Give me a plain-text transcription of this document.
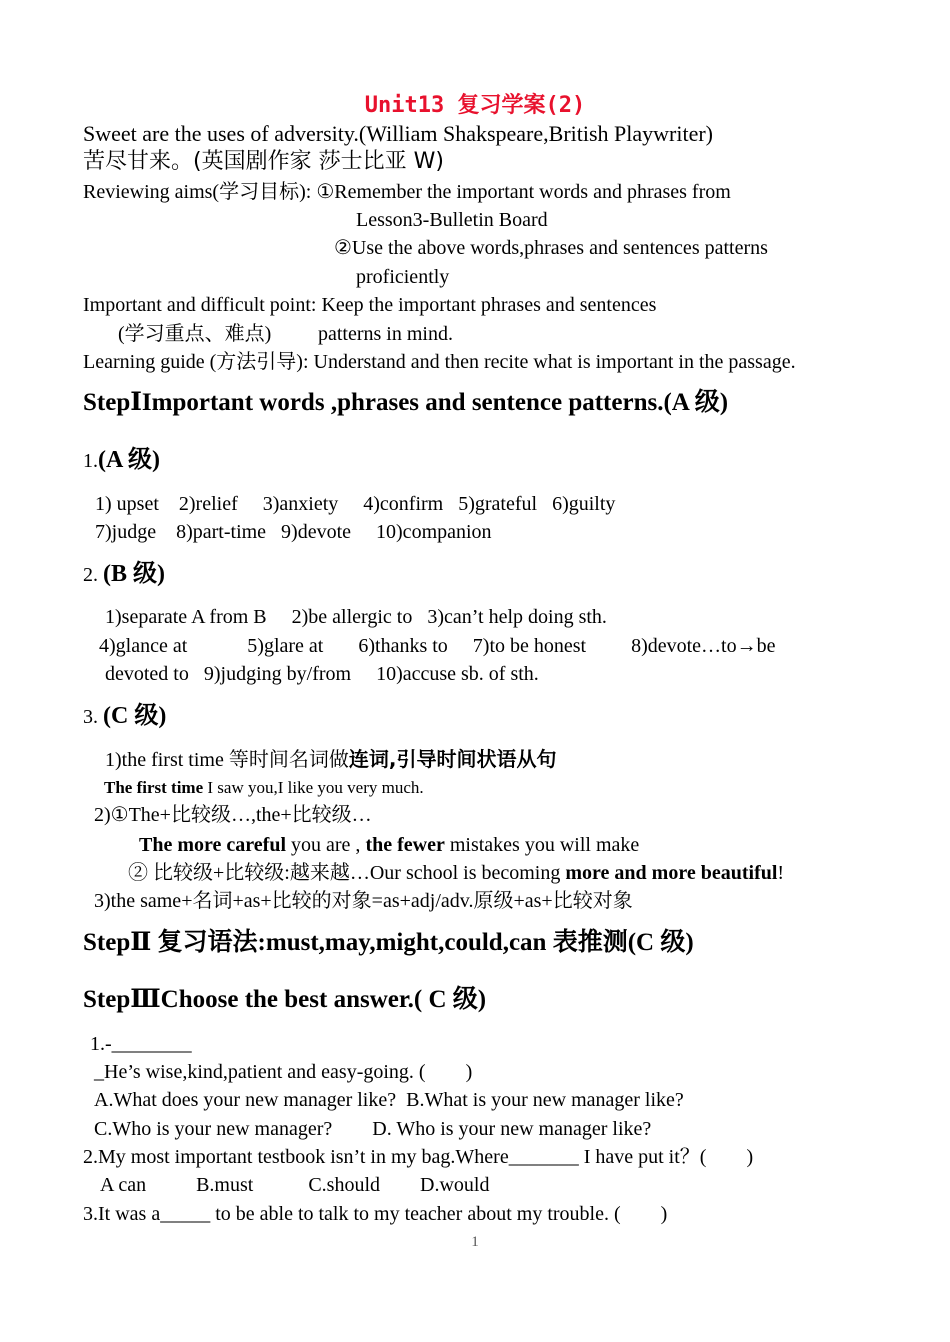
Unit13 复习学案(2)
Sweet are the uses of adversity.(William Shakspeare,British Playwriter)
苦尽甘来。(英国剧作家 莎士比亚 W)
Reviewing aims(学习目标): ①Remember the important words and phrases from
Lesson3-Bulletin Board
②Use the above words,phrases and sentences patterns
proficiently
Important and difficult point: Keep the important phrases and sentences
(学习重点、难点) patterns in mind.
Learning guide (方法引导): Understand and then recite what is important in the passage.
StepⅠImportant words ,phrases and sentence patterns.(A 级)
1.(A 级)
1) upset    2)relief     3)anxiety     4)confirm   5)grateful   6)guilty
7)judge    8)part-time   9)devote     10)companion
2. (B 级)
1)separate A from B     2)be allergic to   3)can’t help doing sth.
4)glance at            5)glare at       6)thanks to     7)to be honest         8)devote…to→be
devoted to   9)judging by/from     10)accuse sb. of sth.
3. (C 级)
1)the first time 等时间名词做连词,引导时间状语从句
The first time I saw you,I like you very much.
2)①The+比较级…,the+比较级…
The more careful you are , the fewer mistakes you will make
② 比较级+比较级:越来越…Our school is becoming more and more beautiful!
3)the same+名词+as+比较的对象=as+adj/adv.原级+as+比较对象
StepⅡ 复习语法:must,may,might,could,can 表推测(C 级)
StepⅢChoose the best answer.( C 级)
1.-________
_He’s wise,kind,patient and easy-going. (        )
A.What does your new manager like?  B.What is your new manager like?
C.Who is your new manager?        D. Who is your new manager like?
2.My most important testbook isn’t in my bag.Where_______ I have put it？(        )
A can          B.must           C.should        D.would
3.It was a_____ to be able to talk to my teacher about my trouble. (        )
1
